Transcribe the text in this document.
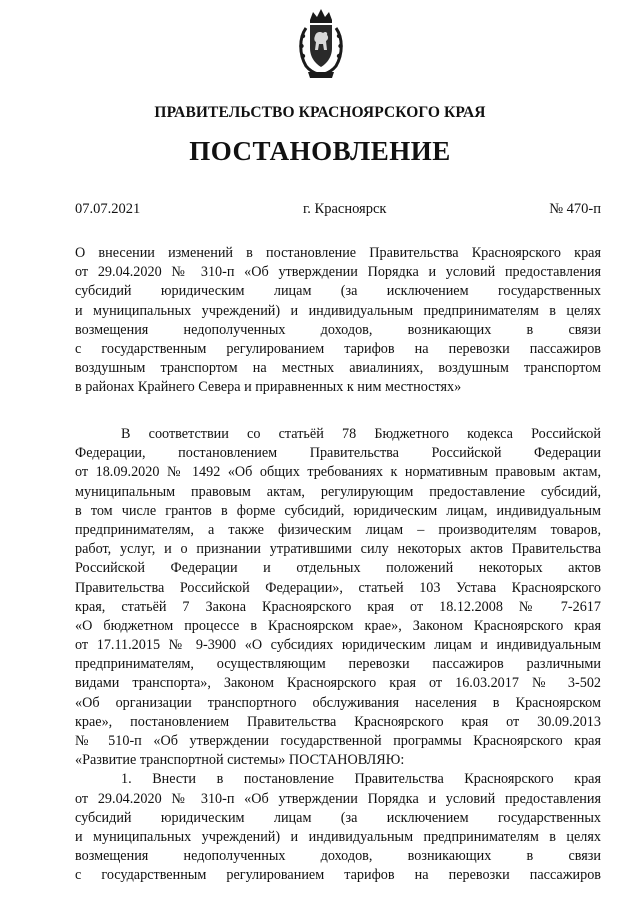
ПРАВИТЕЛЬСТВО КРАСНОЯРСКОГО КРАЯ
ПОСТАНОВЛЕНИЕ
07.07.2021	г. Красноярск	№ 470-п
О внесении изменений в постановление Правительства Красноярского края
от 29.04.2020 № 310-п «Об утверждении Порядка и условий предоставления
субсидий юридическим лицам (за исключением государственных
и муниципальных учреждений) и индивидуальным предпринимателям в целях
возмещения недополученных доходов, возникающих в связи
с государственным регулированием тарифов на перевозки пассажиров
воздушным транспортом на местных авиалиниях, воздушным транспортом
в районах Крайнего Севера и приравненных к ним местностях»
В соответствии со статьёй 78 Бюджетного кодекса Российской
Федерации, постановлением Правительства Российской Федерации
от 18.09.2020 № 1492 «Об общих требованиях к нормативным правовым актам,
муниципальным правовым актам, регулирующим предоставление субсидий,
в том числе грантов в форме субсидий, юридическим лицам, индивидуальным
предпринимателям, а также физическим лицам – производителям товаров,
работ, услуг, и о признании утратившими силу некоторых актов Правительства
Российской Федерации и отдельных положений некоторых актов
Правительства Российской Федерации», статьей 103 Устава Красноярского
края, статьёй 7 Закона Красноярского края от 18.12.2008 № 7-2617
«О бюджетном процессе в Красноярском крае», Законом Красноярского края
от 17.11.2015 № 9-3900 «О субсидиях юридическим лицам и индивидуальным
предпринимателям, осуществляющим перевозки пассажиров различными
видами транспорта», Законом Красноярского края от 16.03.2017 № 3-502
«Об организации транспортного обслуживания населения в Красноярском
крае», постановлением Правительства Красноярского края от 30.09.2013
№ 510-п «Об утверждении государственной программы Красноярского края
«Развитие транспортной системы» ПОСТАНОВЛЯЮ:
1. Внести в постановление Правительства Красноярского края
от 29.04.2020 № 310-п «Об утверждении Порядка и условий предоставления
субсидий юридическим лицам (за исключением государственных
и муниципальных учреждений) и индивидуальным предпринимателям в целях
возмещения недополученных доходов, возникающих в связи
с государственным регулированием тарифов на перевозки пассажиров
